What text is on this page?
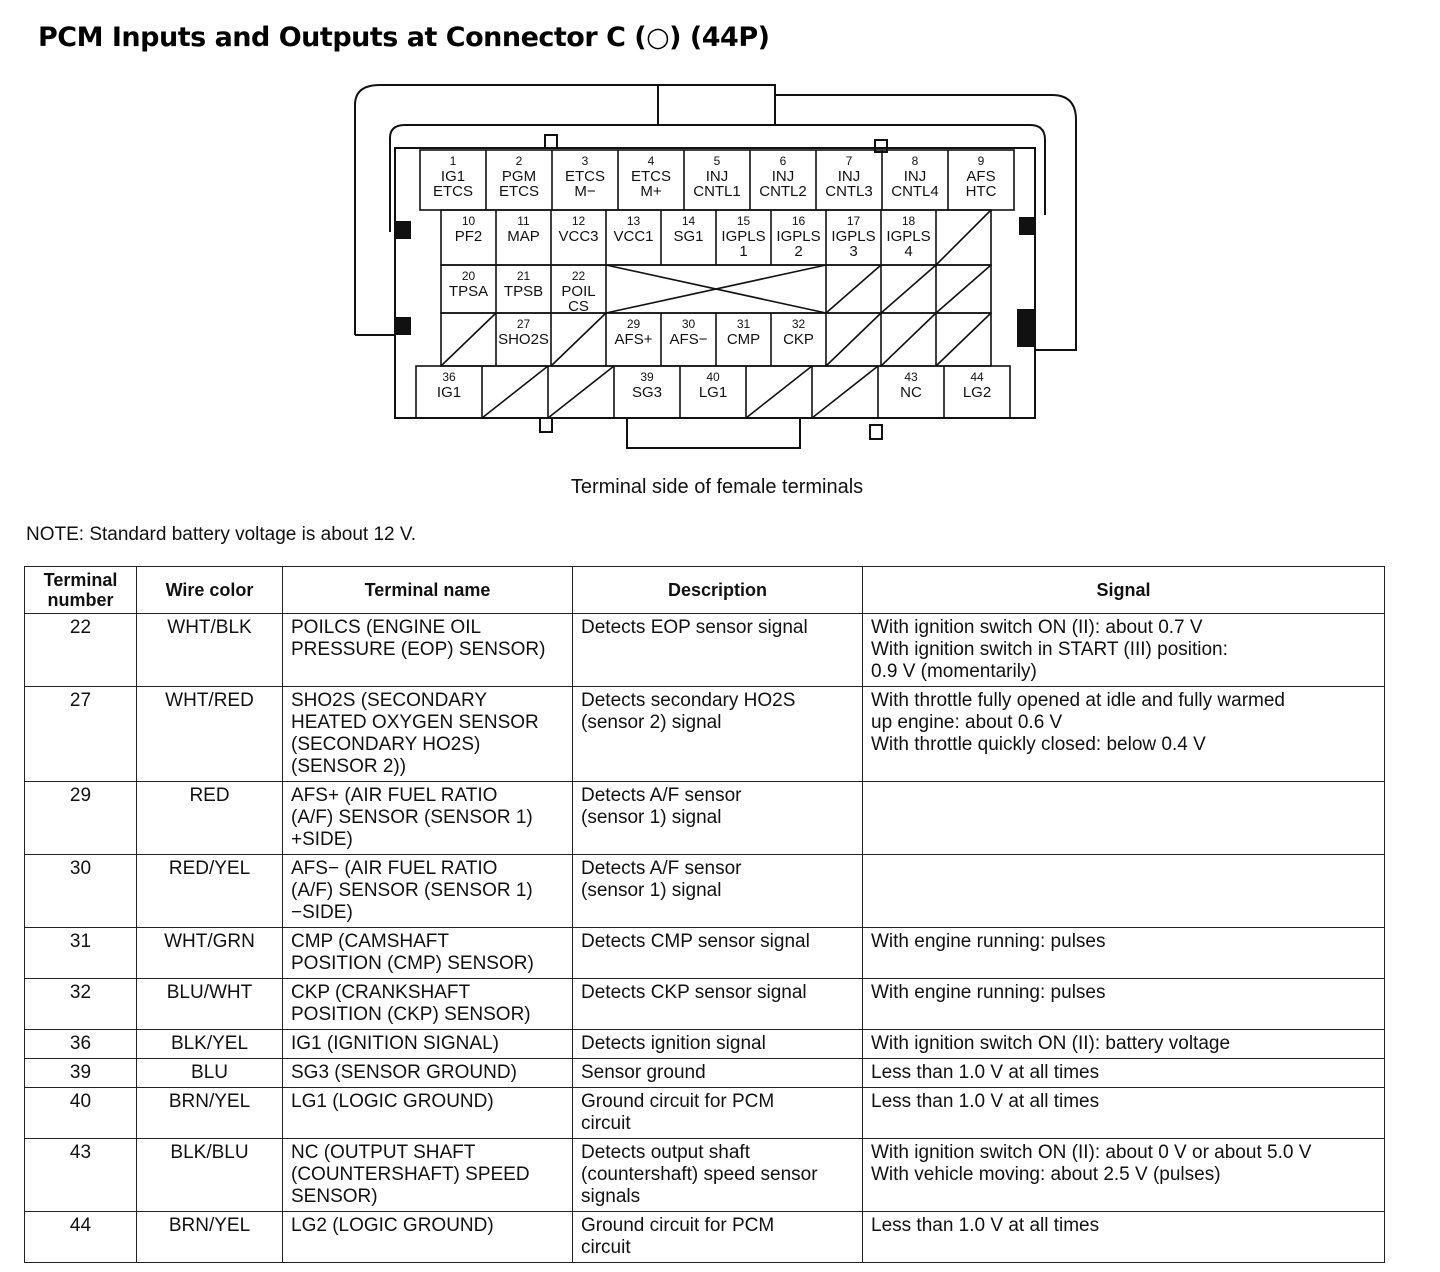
PCM Inputs and Outputs at Connector C (○) (44P)
1
IG1
ETCS
2
PGM
ETCS
3
ETCS
M−
4
ETCS
M+
5
INJ
CNTL1
6
INJ
CNTL2
7
INJ
CNTL3
8
INJ
CNTL4
9
AFS
HTC
10
PF2
11
MAP
12
VCC3
13
VCC1
14
SG1
15
IGPLS
1
16
IGPLS
2
17
IGPLS
3
18
IGPLS
4
20
TPSA
21
TPSB
22
POIL
CS
27
SHO2S
29
AFS+
30
AFS−
31
CMP
32
CKP
36
IG1
39
SG3
40
LG1
43
NC
44
LG2
Terminal side of female terminals
NOTE: Standard battery voltage is about 12 V.
Terminal
number	Wire color	Terminal name	Description	Signal
22	WHT/BLK	POILCS (ENGINE OIL
PRESSURE (EOP) SENSOR)	Detects EOP sensor signal	With ignition switch ON (II): about 0.7 V
With ignition switch in START (III) position:
0.9 V (momentarily)
27	WHT/RED	SHO2S (SECONDARY
HEATED OXYGEN SENSOR
(SECONDARY HO2S)
(SENSOR 2))	Detects secondary HO2S
(sensor 2) signal	With throttle fully opened at idle and fully warmed
up engine: about 0.6 V
With throttle quickly closed: below 0.4 V
29	RED	AFS+ (AIR FUEL RATIO
(A/F) SENSOR (SENSOR 1)
+SIDE)	Detects A/F sensor
(sensor 1) signal	
30	RED/YEL	AFS− (AIR FUEL RATIO
(A/F) SENSOR (SENSOR 1)
−SIDE)	Detects A/F sensor
(sensor 1) signal	
31	WHT/GRN	CMP (CAMSHAFT
POSITION (CMP) SENSOR)	Detects CMP sensor signal	With engine running: pulses
32	BLU/WHT	CKP (CRANKSHAFT
POSITION (CKP) SENSOR)	Detects CKP sensor signal	With engine running: pulses
36	BLK/YEL	IG1 (IGNITION SIGNAL)	Detects ignition signal	With ignition switch ON (II): battery voltage
39	BLU	SG3 (SENSOR GROUND)	Sensor ground	Less than 1.0 V at all times
40	BRN/YEL	LG1 (LOGIC GROUND)	Ground circuit for PCM
circuit	Less than 1.0 V at all times
43	BLK/BLU	NC (OUTPUT SHAFT
(COUNTERSHAFT) SPEED
SENSOR)	Detects output shaft
(countershaft) speed sensor
signals	With ignition switch ON (II): about 0 V or about 5.0 V
With vehicle moving: about 2.5 V (pulses)
44	BRN/YEL	LG2 (LOGIC GROUND)	Ground circuit for PCM
circuit	Less than 1.0 V at all times
